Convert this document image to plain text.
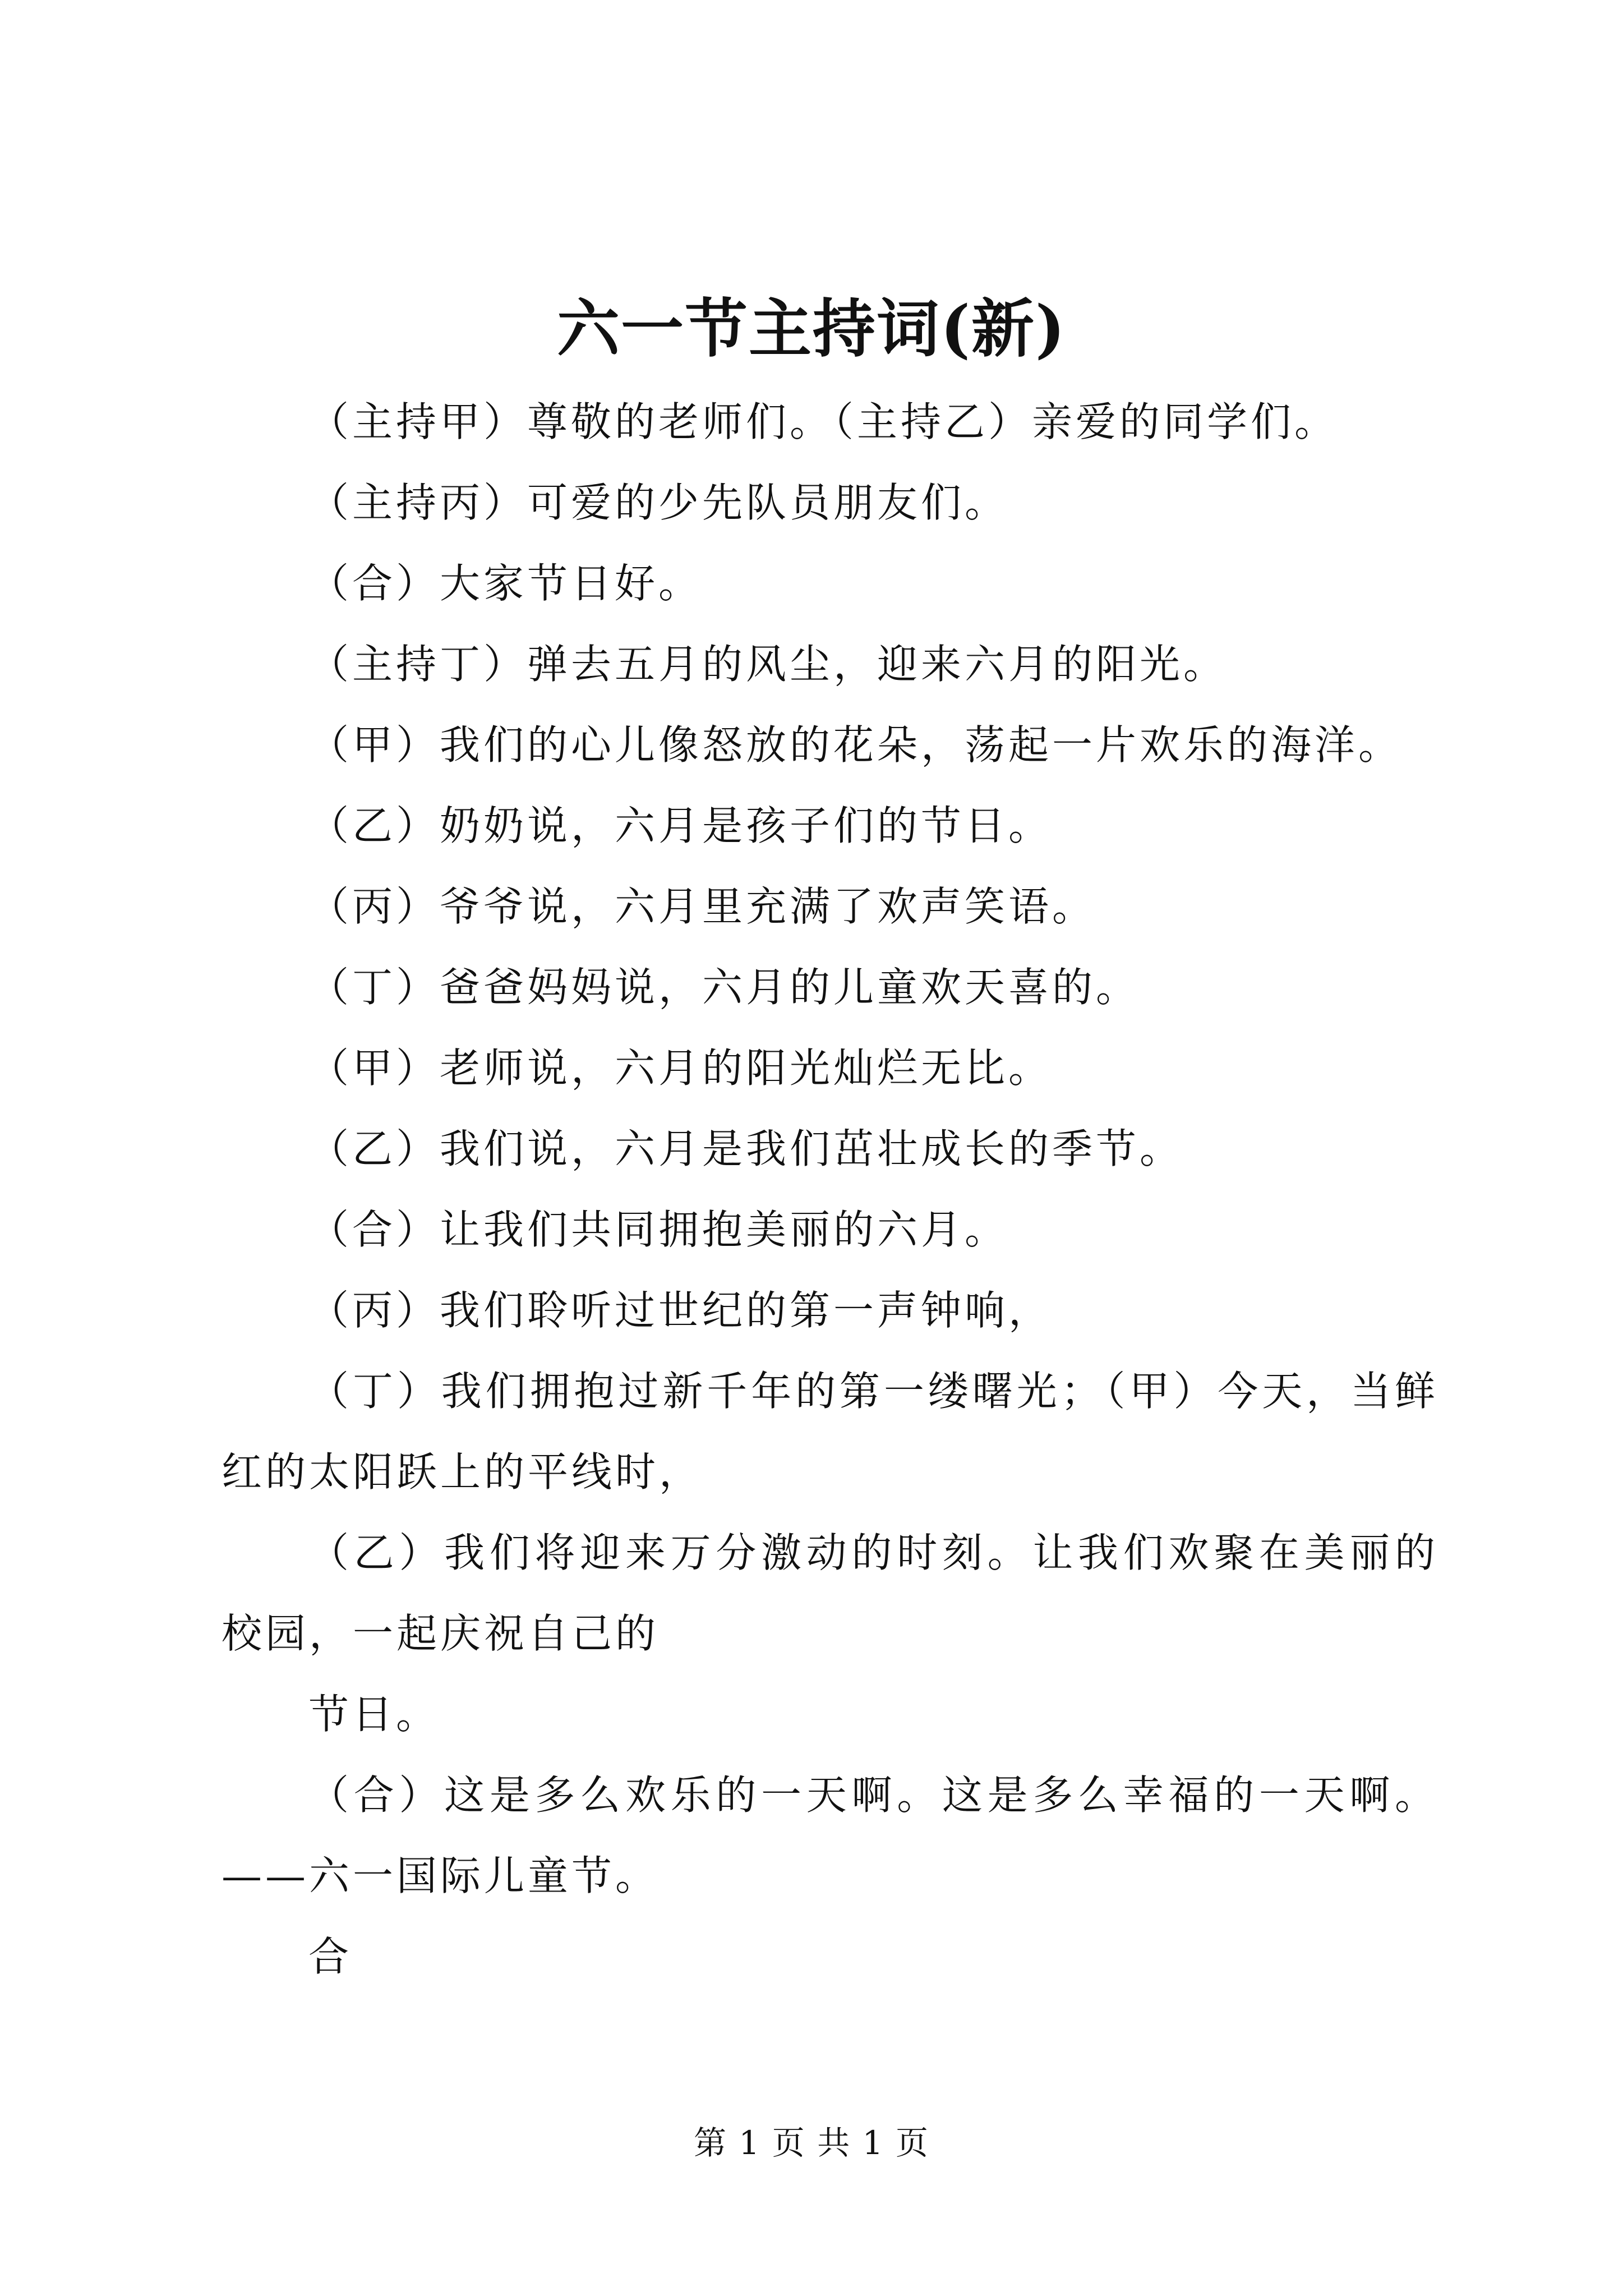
六一节主持词(新)

（主持甲）尊敬的老师们。（主持乙）亲爱的同学们。

（主持丙）可爱的少先队员朋友们。

（合）大家节日好。

（主持丁）弹去五月的风尘，迎来六月的阳光。

（甲）我们的心儿像怒放的花朵，荡起一片欢乐的海洋。

（乙）奶奶说，六月是孩子们的节日。

（丙）爷爷说，六月里充满了欢声笑语。

（丁）爸爸妈妈说，六月的儿童欢天喜的。

（甲）老师说，六月的阳光灿烂无比。

（乙）我们说，六月是我们茁壮成长的季节。

（合）让我们共同拥抱美丽的六月。

（丙）我们聆听过世纪的第一声钟响，

（丁）我们拥抱过新千年的第一缕曙光；（甲）今天，当鲜红的太阳跃上的平线时，

（乙）我们将迎来万分激动的时刻。让我们欢聚在美丽的校园，一起庆祝自己的

节日。

（合）这是多么欢乐的一天啊。这是多么幸福的一天啊。——六一国际儿童节。

合

第 1 页 共 1 页
